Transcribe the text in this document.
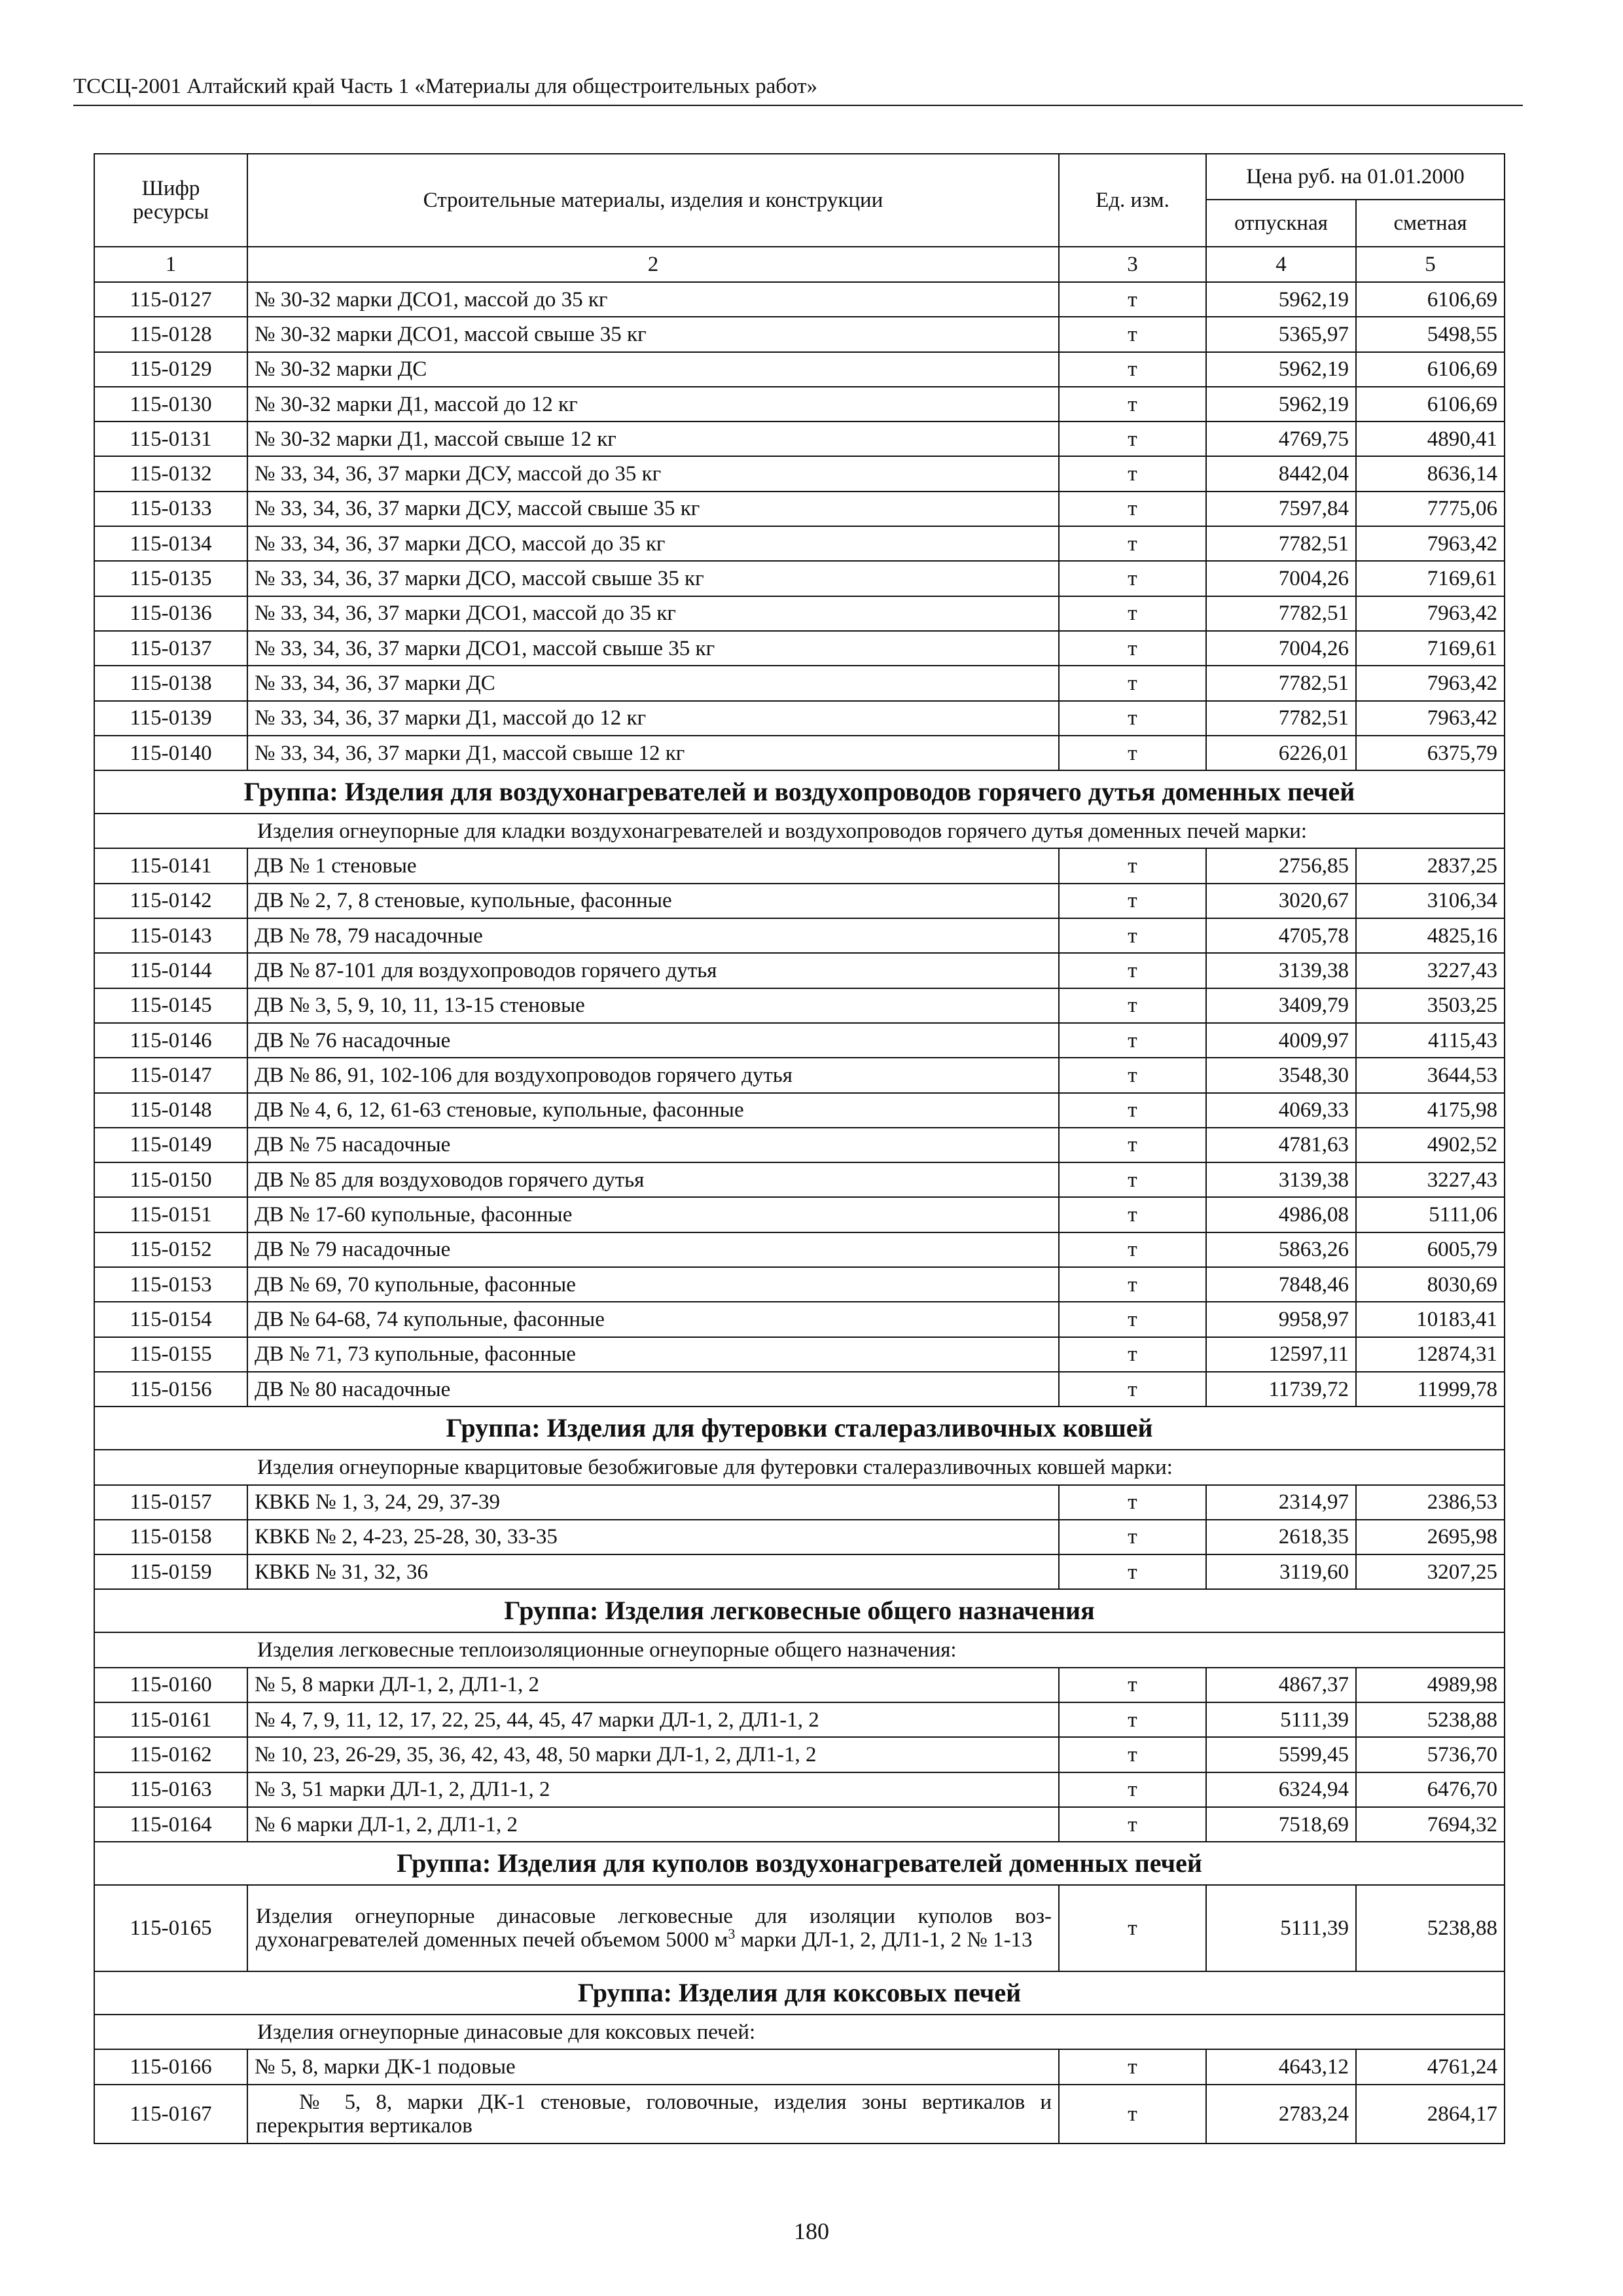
ТССЦ-2001 Алтайский край Часть 1 «Материалы для общестроительных работ»
Шифр ресурсы	Строительные материалы, изделия и конструкции	Ед. изм.	Цена руб. на 01.01.2000	
			отпускная	сметная
1	2	3	4	5
115-0127	№ 30-32 марки ДСО1, массой до 35 кг	т	5962,19	6106,69
115-0128	№ 30-32 марки ДСО1, массой свыше 35 кг	т	5365,97	5498,55
115-0129	№ 30-32 марки ДС	т	5962,19	6106,69
115-0130	№ 30-32 марки Д1, массой до 12 кг	т	5962,19	6106,69
115-0131	№ 30-32 марки Д1, массой свыше 12 кг	т	4769,75	4890,41
115-0132	№ 33, 34, 36, 37 марки ДСУ, массой до 35 кг	т	8442,04	8636,14
115-0133	№ 33, 34, 36, 37 марки ДСУ, массой свыше 35 кг	т	7597,84	7775,06
115-0134	№ 33, 34, 36, 37 марки ДСО, массой до 35 кг	т	7782,51	7963,42
115-0135	№ 33, 34, 36, 37 марки ДСО, массой свыше 35 кг	т	7004,26	7169,61
115-0136	№ 33, 34, 36, 37 марки ДСО1, массой до 35 кг	т	7782,51	7963,42
115-0137	№ 33, 34, 36, 37 марки ДСО1, массой свыше 35 кг	т	7004,26	7169,61
115-0138	№ 33, 34, 36, 37 марки ДС	т	7782,51	7963,42
115-0139	№ 33, 34, 36, 37 марки Д1, массой до 12 кг	т	7782,51	7963,42
115-0140	№ 33, 34, 36, 37 марки Д1, массой свыше 12 кг	т	6226,01	6375,79
Группа: Изделия для воздухонагревателей и воздухопроводов горячего дутья доменных печей				
Изделия огнеупорные для кладки воздухонагревателей и воздухопроводов горячего дутья доменных печей марки:				
115-0141	ДВ № 1 стеновые	т	2756,85	2837,25
115-0142	ДВ № 2, 7, 8 стеновые, купольные, фасонные	т	3020,67	3106,34
115-0143	ДВ № 78, 79 насадочные	т	4705,78	4825,16
115-0144	ДВ № 87-101 для воздухопроводов горячего дутья	т	3139,38	3227,43
115-0145	ДВ № 3, 5, 9, 10, 11, 13-15 стеновые	т	3409,79	3503,25
115-0146	ДВ № 76 насадочные	т	4009,97	4115,43
115-0147	ДВ № 86, 91, 102-106 для воздухопроводов горячего дутья	т	3548,30	3644,53
115-0148	ДВ № 4, 6, 12, 61-63 стеновые, купольные, фасонные	т	4069,33	4175,98
115-0149	ДВ № 75 насадочные	т	4781,63	4902,52
115-0150	ДВ № 85 для воздуховодов горячего дутья	т	3139,38	3227,43
115-0151	ДВ № 17-60 купольные, фасонные	т	4986,08	5111,06
115-0152	ДВ № 79 насадочные	т	5863,26	6005,79
115-0153	ДВ № 69, 70 купольные, фасонные	т	7848,46	8030,69
115-0154	ДВ № 64-68, 74 купольные, фасонные	т	9958,97	10183,41
115-0155	ДВ № 71, 73 купольные, фасонные	т	12597,11	12874,31
115-0156	ДВ № 80 насадочные	т	11739,72	11999,78
Группа: Изделия для футеровки сталеразливочных ковшей				
Изделия огнеупорные кварцитовые безобжиговые для футеровки сталеразливочных ковшей марки:				
115-0157	КВКБ № 1, 3, 24, 29, 37-39	т	2314,97	2386,53
115-0158	КВКБ № 2, 4-23, 25-28, 30, 33-35	т	2618,35	2695,98
115-0159	КВКБ № 31, 32, 36	т	3119,60	3207,25
Группа: Изделия легковесные общего назначения				
Изделия легковесные теплоизоляционные огнеупорные общего назначения:				
115-0160	№ 5, 8 марки ДЛ-1, 2, ДЛ1-1, 2	т	4867,37	4989,98
115-0161	№ 4, 7, 9, 11, 12, 17, 22, 25, 44, 45, 47 марки ДЛ-1, 2, ДЛ1-1, 2	т	5111,39	5238,88
115-0162	№ 10, 23, 26-29, 35, 36, 42, 43, 48, 50 марки ДЛ-1, 2, ДЛ1-1, 2	т	5599,45	5736,70
115-0163	№ 3, 51 марки ДЛ-1, 2, ДЛ1-1, 2	т	6324,94	6476,70
115-0164	№ 6 марки ДЛ-1, 2, ДЛ1-1, 2	т	7518,69	7694,32
Группа: Изделия для куполов воздухонагревателей доменных печей				
115-0165	Изделия огнеупорные динасовые легковесные для изоляции куполов воз-духонагревателей доменных печей объемом 5000 $м^3$ марки ДЛ-1, 2, ДЛ1-1, 2 № 1-13	т	5111,39	5238,88
Группа: Изделия для коксовых печей				
Изделия огнеупорные динасовые для коксовых печей:				
115-0166	№ 5, 8, марки ДК-1 подовые	т	4643,12	4761,24
115-0167	№ 5, 8, марки ДК-1 стеновые, головочные, изделия зоны вертикалов и перекрытия вертикалов	т	2783,24	2864,17
180
